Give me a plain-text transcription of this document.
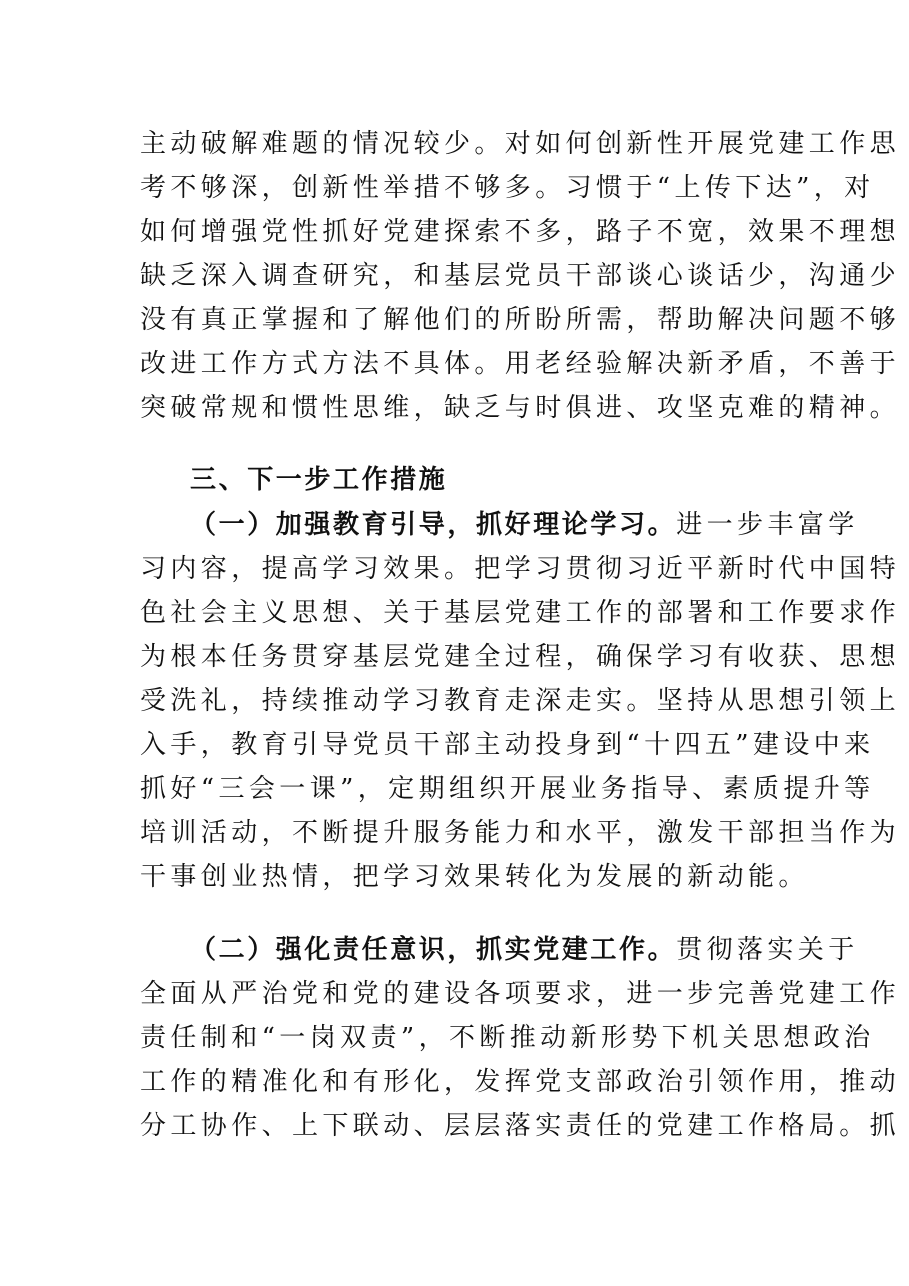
主动破解难题的情况较少。对如何创新性开展党建工作思
考不够深，创新性举措不够多。习惯于“上传下达”，对
如何增强党性抓好党建探索不多，路子不宽，效果不理想
缺乏深入调查研究，和基层党员干部谈心谈话少，沟通少
没有真正掌握和了解他们的所盼所需，帮助解决问题不够
改进工作方式方法不具体。用老经验解决新矛盾，不善于
突破常规和惯性思维，缺乏与时俱进、攻坚克难的精神。
三、下一步工作措施
（一）加强教育引导，抓好理论学习。进一步丰富学
习内容，提高学习效果。把学习贯彻习近平新时代中国特
色社会主义思想、关于基层党建工作的部署和工作要求作
为根本任务贯穿基层党建全过程，确保学习有收获、思想
受洗礼，持续推动学习教育走深走实。坚持从思想引领上
入手，教育引导党员干部主动投身到“十四五”建设中来
抓好“三会一课”，定期组织开展业务指导、素质提升等
培训活动，不断提升服务能力和水平，激发干部担当作为
干事创业热情，把学习效果转化为发展的新动能。
（二）强化责任意识，抓实党建工作。贯彻落实关于
全面从严治党和党的建设各项要求，进一步完善党建工作
责任制和“一岗双责”，不断推动新形势下机关思想政治
工作的精准化和有形化，发挥党支部政治引领作用，推动
分工协作、上下联动、层层落实责任的党建工作格局。抓
